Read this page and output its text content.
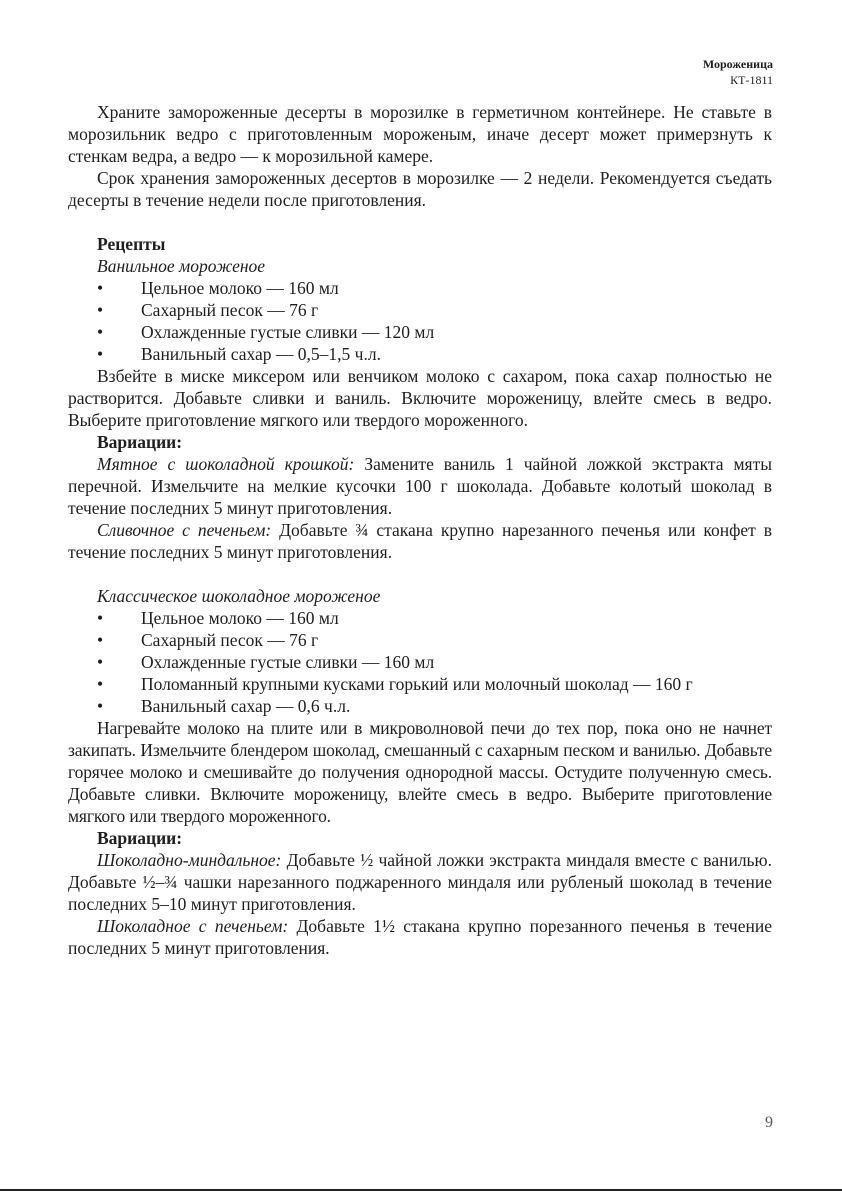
Мороженица
КТ-1811

Храните замороженные десерты в морозилке в герметичном контейнере. Не ставьте в морозильник ведро с приготовленным мороженым, иначе десерт может примерзнуть к стенкам ведра, а ведро — к морозильной камере.

Срок хранения замороженных десертов в морозилке — 2 недели. Рекомендуется съедать десерты в течение недели после приготовления.

Рецепты

Ванильное мороженое

• Цельное молоко — 160 мл
• Сахарный песок — 76 г
• Охлажденные густые сливки — 120 мл
• Ванильный сахар — 0,5–1,5 ч.л.

Взбейте в миске миксером или венчиком молоко с сахаром, пока сахар полностью не растворится. Добавьте сливки и ваниль. Включите мороженицу, влейте смесь в ведро. Выберите приготовление мягкого или твердого мороженного.

Вариации:

Мятное с шоколадной крошкой: Замените ваниль 1 чайной ложкой экстракта мяты перечной. Измельчите на мелкие кусочки 100 г шоколада. Добавьте колотый шоколад в течение последних 5 минут приготовления.

Сливочное с печеньем: Добавьте ¾ стакана крупно нарезанного печенья или конфет в течение последних 5 минут приготовления.

Классическое шоколадное мороженое

• Цельное молоко — 160 мл
• Сахарный песок — 76 г
• Охлажденные густые сливки — 160 мл
• Поломанный крупными кусками горький или молочный шоколад — 160 г
• Ванильный сахар — 0,6 ч.л.

Нагревайте молоко на плите или в микроволновой печи до тех пор, пока оно не начнет закипать. Измельчите блендером шоколад, смешанный с сахарным песком и ванилью. Добавьте горячее молоко и смешивайте до получения однородной массы. Остудите полученную смесь. Добавьте сливки. Включите мороженицу, влейте смесь в ведро. Выберите приготовление мягкого или твердого мороженного.

Вариации:

Шоколадно-миндальное: Добавьте ½ чайной ложки экстракта миндаля вместе с ванилью. Добавьте ½–¾ чашки нарезанного поджаренного миндаля или рубленый шоколад в течение последних 5–10 минут приготовления.

Шоколадное с печеньем: Добавьте 1½ стакана крупно порезанного печенья в течение последних 5 минут приготовления.

9
